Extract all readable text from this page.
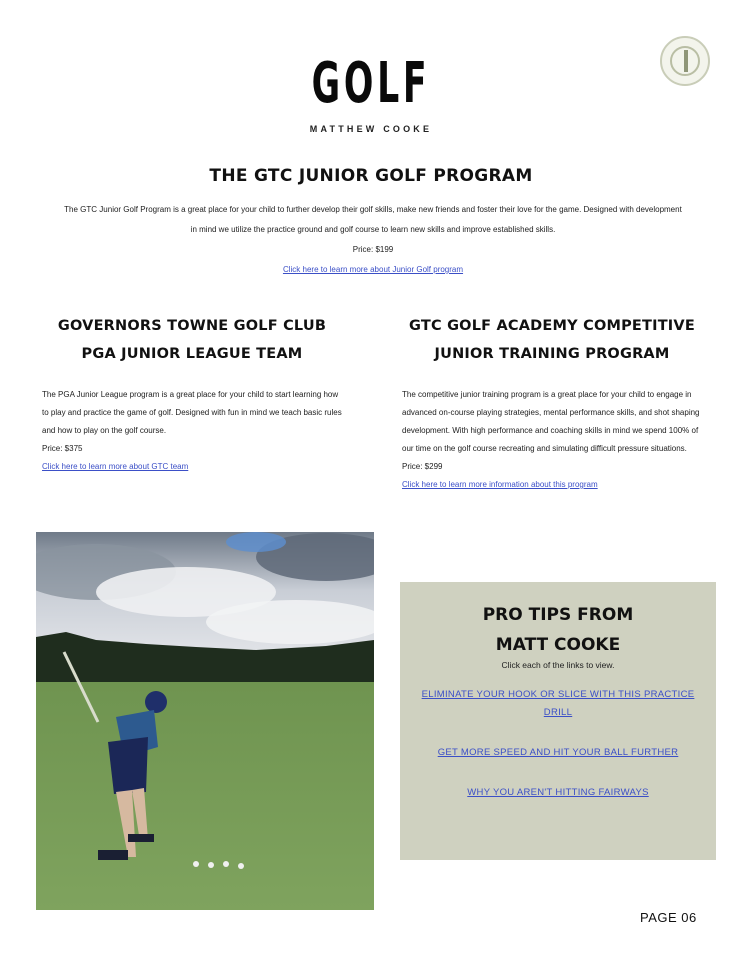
GOLF
MATTHEW COOKE
THE GTC JUNIOR GOLF PROGRAM
The GTC Junior Golf Program is a great place for your child to further develop their golf skills, make new friends and foster their love for the game. Designed with development in mind we utilize the practice ground and golf course to learn new skills and improve established skills.
Price: $199
Click here to learn more about Junior Golf program
GOVERNORS TOWNE GOLF CLUB
PGA JUNIOR LEAGUE TEAM
The PGA Junior League program is a great place for your child to start learning how to play and practice the game of golf. Designed with fun in mind we teach basic rules and how to play on the golf course.
Price: $375
Click here to learn more about GTC team
GTC GOLF ACADEMY COMPETITIVE
JUNIOR TRAINING PROGRAM
The competitive junior training program is a great place for your child to engage in advanced on-course playing strategies, mental performance skills, and shot shaping development. With high performance and coaching skills in mind we spend 100% of our time on the golf course recreating and simulating difficult pressure situations.
Price: $299
Click here to learn more information about this program
PRO TIPS FROM
MATT COOKE
Click each of the links to view.
ELIMINATE YOUR HOOK OR SLICE WITH THIS PRACTICE DRILL
GET MORE SPEED AND HIT YOUR BALL FURTHER
WHY YOU AREN'T HITTING FAIRWAYS
PAGE 06
